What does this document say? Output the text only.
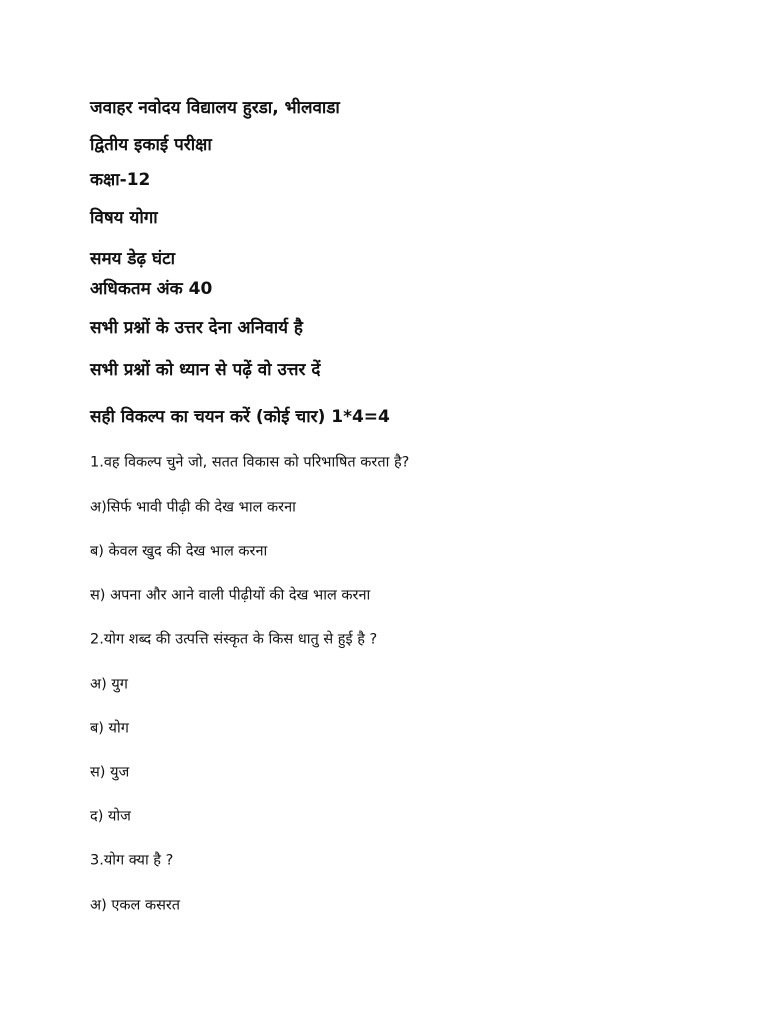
जवाहर नवोदय विद्यालय हुरडा, भीलवाडा
द्वितीय इकाई परीक्षा
कक्षा-12
विषय योगा
समय डेढ़ घंटा
अधिकतम अंक 40
सभी प्रश्नों के उत्तर देना अनिवार्य है
सभी प्रश्नों को ध्यान से पढ़ें वो उत्तर दें
सही विकल्प का चयन करें (कोई चार) 1*4=4
1.वह विकल्प चुने जो, सतत विकास को परिभाषित करता है?
अ)सिर्फ भावी पीढ़ी की देख भाल करना
ब) केवल खुद की देख भाल करना
स) अपना और आने वाली पीढ़ीयों की देख भाल करना
2.योग शब्द की उत्पत्ति संस्कृत के किस धातु से हुई है ?
अ) युग
ब) योग
स) युज
द) योज
3.योग क्या है ?
अ) एकल कसरत
